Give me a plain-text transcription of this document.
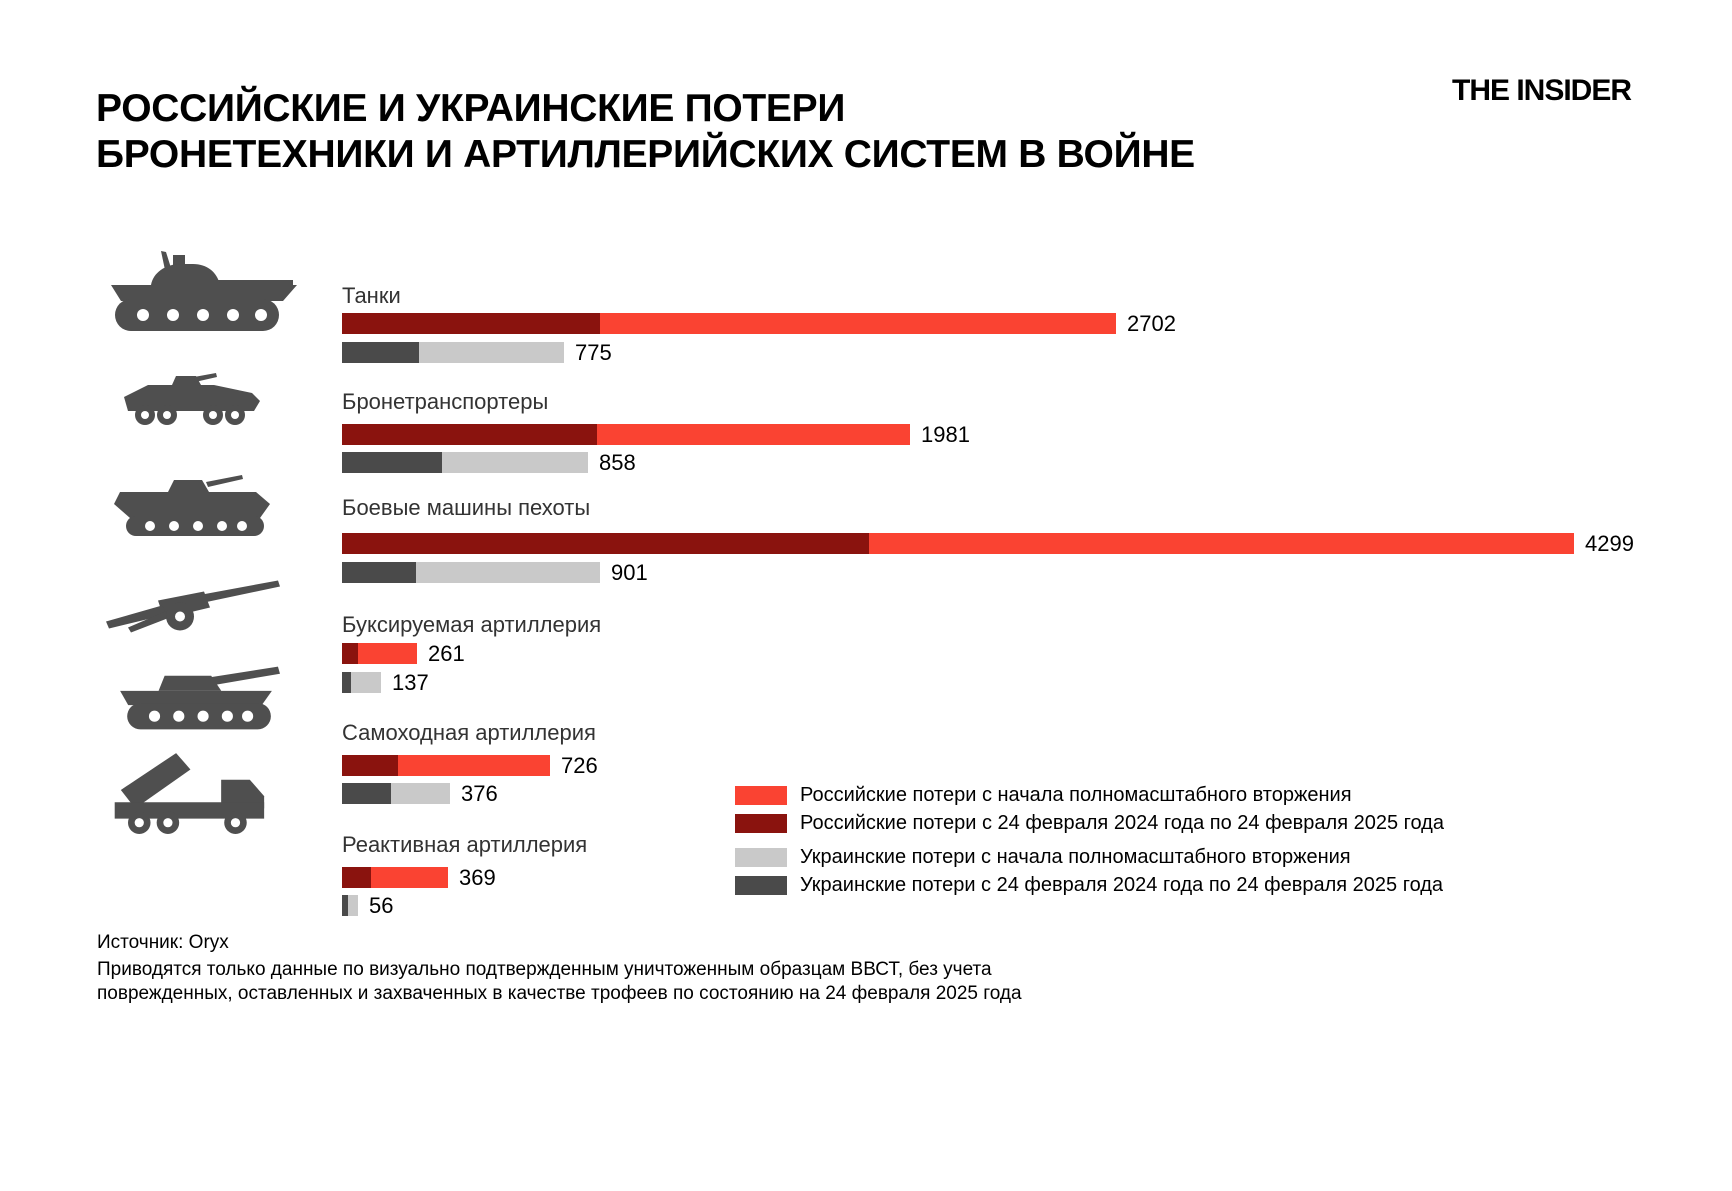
THE INSIDER
РОССИЙСКИЕ И УКРАИНСКИЕ ПОТЕРИ
БРОНЕТЕХНИКИ И АРТИЛЛЕРИЙСКИХ СИСТЕМ В ВОЙНЕ
Танки
2702
775
Бронетранспортеры
1981
858
Боевые машины пехоты
4299
901
Буксируемая артиллерия
261
137
Самоходная артиллерия
726
376
Реактивная артиллерия
369
56
Российские потери с начала полномасштабного вторжения
Российские потери с 24 февраля 2024 года по 24 февраля 2025 года
Украинские потери с начала полномасштабного вторжения
Украинские потери с 24 февраля 2024 года по 24 февраля 2025 года
Источник: Oryx
Приводятся только данные по визуально подтвержденным уничтоженным образцам ВВСТ, без учета
поврежденных, оставленных и захваченных в качестве трофеев по состоянию на 24 февраля 2025 года
